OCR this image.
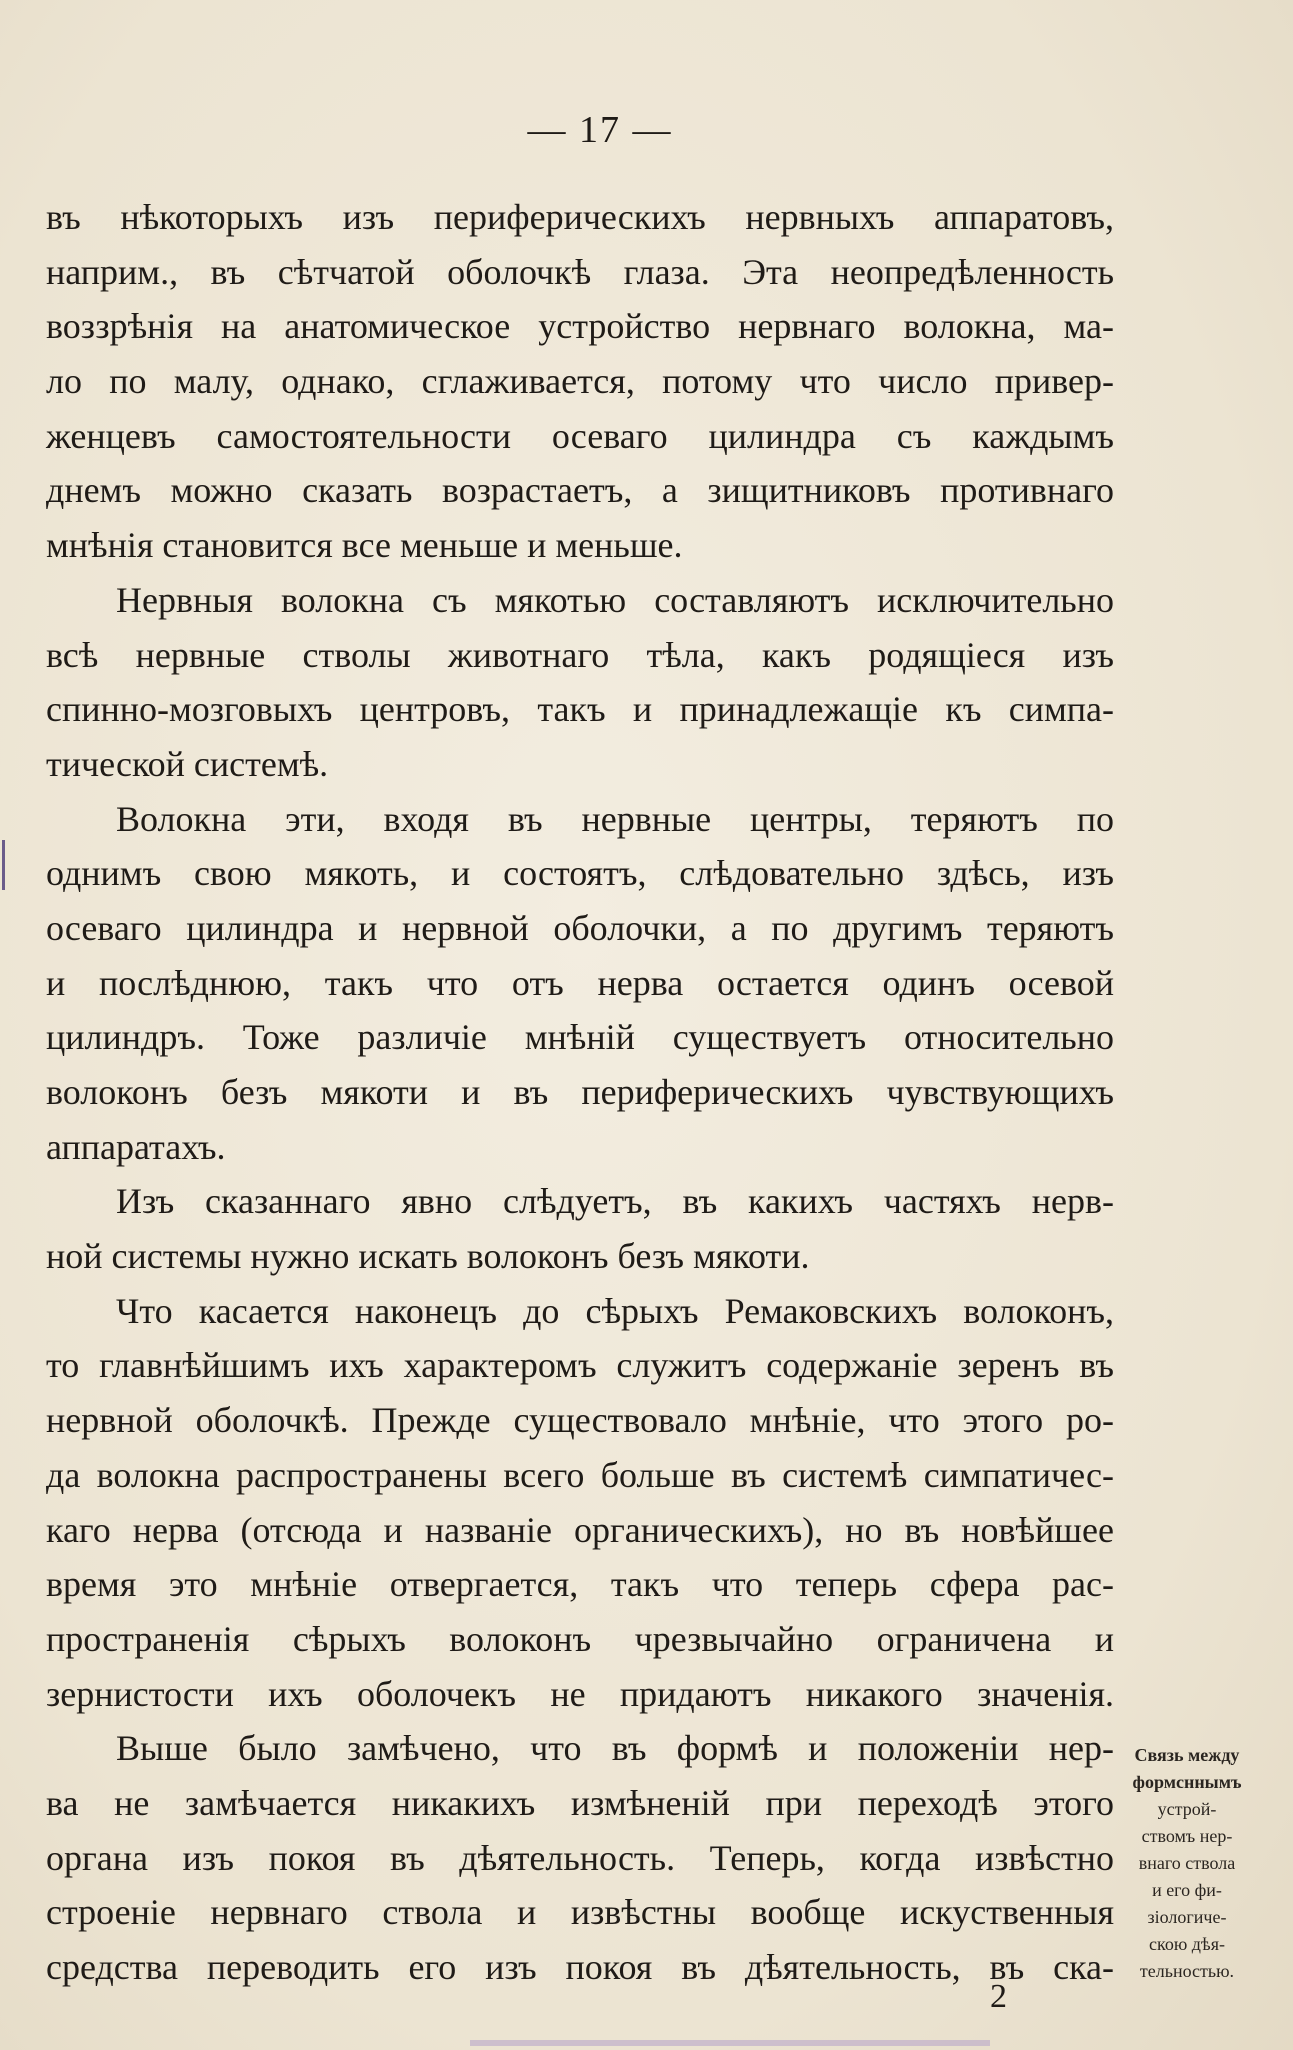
— 17 —
въ нѣкоторыхъ изъ периферическихъ нервныхъ аппаратовъ,
наприм., въ сѣтчатой оболочкѣ глаза. Эта неопредѣленность
воззрѣнія на анатомическое устройство нервнаго волокна, ма-
ло по малу, однако, сглаживается, потому что число привер-
женцевъ самостоятельности осеваго цилиндра съ каждымъ
днемъ можно сказать возрастаетъ, а зищитниковъ противнаго
мнѣнія становится все меньше и меньше.
Нервныя волокна съ мякотью составляютъ исключительно
всѣ нервные стволы животнаго тѣла, какъ родящіеся изъ
спинно-мозговыхъ центровъ, такъ и принадлежащіе къ симпа-
тической системѣ.
Волокна эти, входя въ нервные центры, теряютъ по
однимъ свою мякоть, и состоятъ, слѣдовательно здѣсь, изъ
осеваго цилиндра и нервной оболочки, а по другимъ теряютъ
и послѣднюю, такъ что отъ нерва остается одинъ осевой
цилиндръ. Тоже различіе мнѣній существуетъ относительно
волоконъ безъ мякоти и въ периферическихъ чувствующихъ
аппаратахъ.
Изъ сказаннаго явно слѣдуетъ, въ какихъ частяхъ нерв-
ной системы нужно искать волоконъ безъ мякоти.
Что касается наконецъ до сѣрыхъ Ремаковскихъ волоконъ,
то главнѣйшимъ ихъ характеромъ служитъ содержаніе зеренъ въ
нервной оболочкѣ. Прежде существовало мнѣніе, что этого ро-
да волокна распространены всего больше въ системѣ симпатичес-
каго нерва (отсюда и названіе органическихъ), но въ новѣйшее
время это мнѣніе отвергается, такъ что теперь сфера рас-
пространенія сѣрыхъ волоконъ чрезвычайно ограничена и
зернистости ихъ оболочекъ не придаютъ никакого значенія.
Выше было замѣчено, что въ формѣ и положеніи нер-
ва не замѣчается никакихъ измѣненій при переходѣ этого
органа изъ покоя въ дѣятельность. Теперь, когда извѣстно
строеніе нервнаго ствола и извѣстны вообще искуственныя
средства переводить его изъ покоя въ дѣятельность, въ ска-
Связь между
формсннымъ
устрой-
ствомъ нер-
внаго ствола
и его фи-
зіологиче-
скою дѣя-
тельностью.
2
